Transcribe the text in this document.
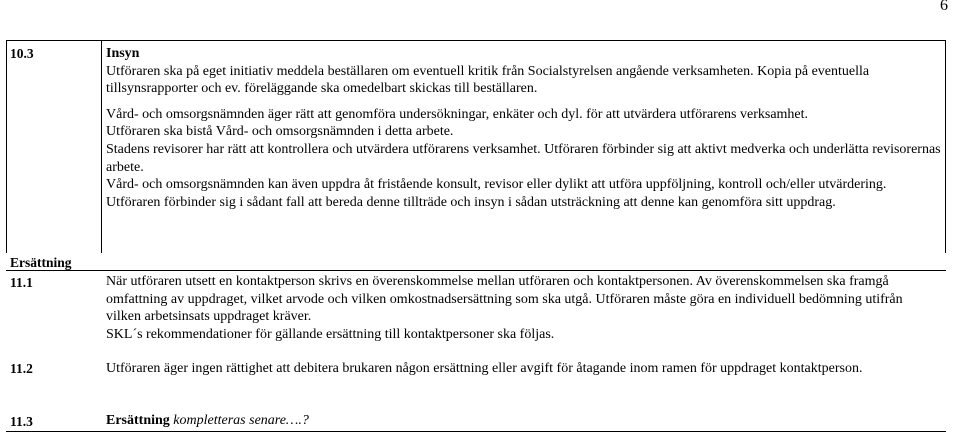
6
10.3	Insyn

Utföraren ska på eget initiativ meddela beställaren om eventuell kritik från Socialstyrelsen angående verksamheten. Kopia på eventuella tillsynsrapporter och ev. föreläggande ska omedelbart skickas till beställaren.

Vård- och omsorgsnämnden äger rätt att genomföra undersökningar, enkäter och dyl. för att utvärdera utförarens verksamhet.

Utföraren ska bistå Vård- och omsorgsnämnden i detta arbete.

Stadens revisorer har rätt att kontrollera och utvärdera utförarens verksamhet. Utföraren förbinder sig att aktivt medverka och underlätta revisorernas arbete.

Vård- och omsorgsnämnden kan även uppdra åt fristående konsult, revisor eller dylikt att utföra uppföljning, kontroll och/eller utvärdering. Utföraren förbinder sig i sådant fall att bereda denne tillträde och insyn i sådan utsträckning att denne kan genomföra sitt uppdrag.

Ersättning
11.1	När utföraren utsett en kontaktperson skrivs en överenskommelse mellan utföraren och kontaktpersonen. Av överenskommelsen ska framgå omfattning av uppdraget, vilket arvode och vilken omkostnadsersättning som ska utgå. Utföraren måste göra en individuell bedömning utifrån vilken arbetsinsats uppdraget kräver.

SKL´s rekommendationer för gällande ersättning till kontaktpersoner ska följas.

11.2	Utföraren äger ingen rättighet att debitera brukaren någon ersättning eller avgift för åtagande inom ramen för uppdraget kontaktperson.

11.3	Ersättning kompletteras senare….?
